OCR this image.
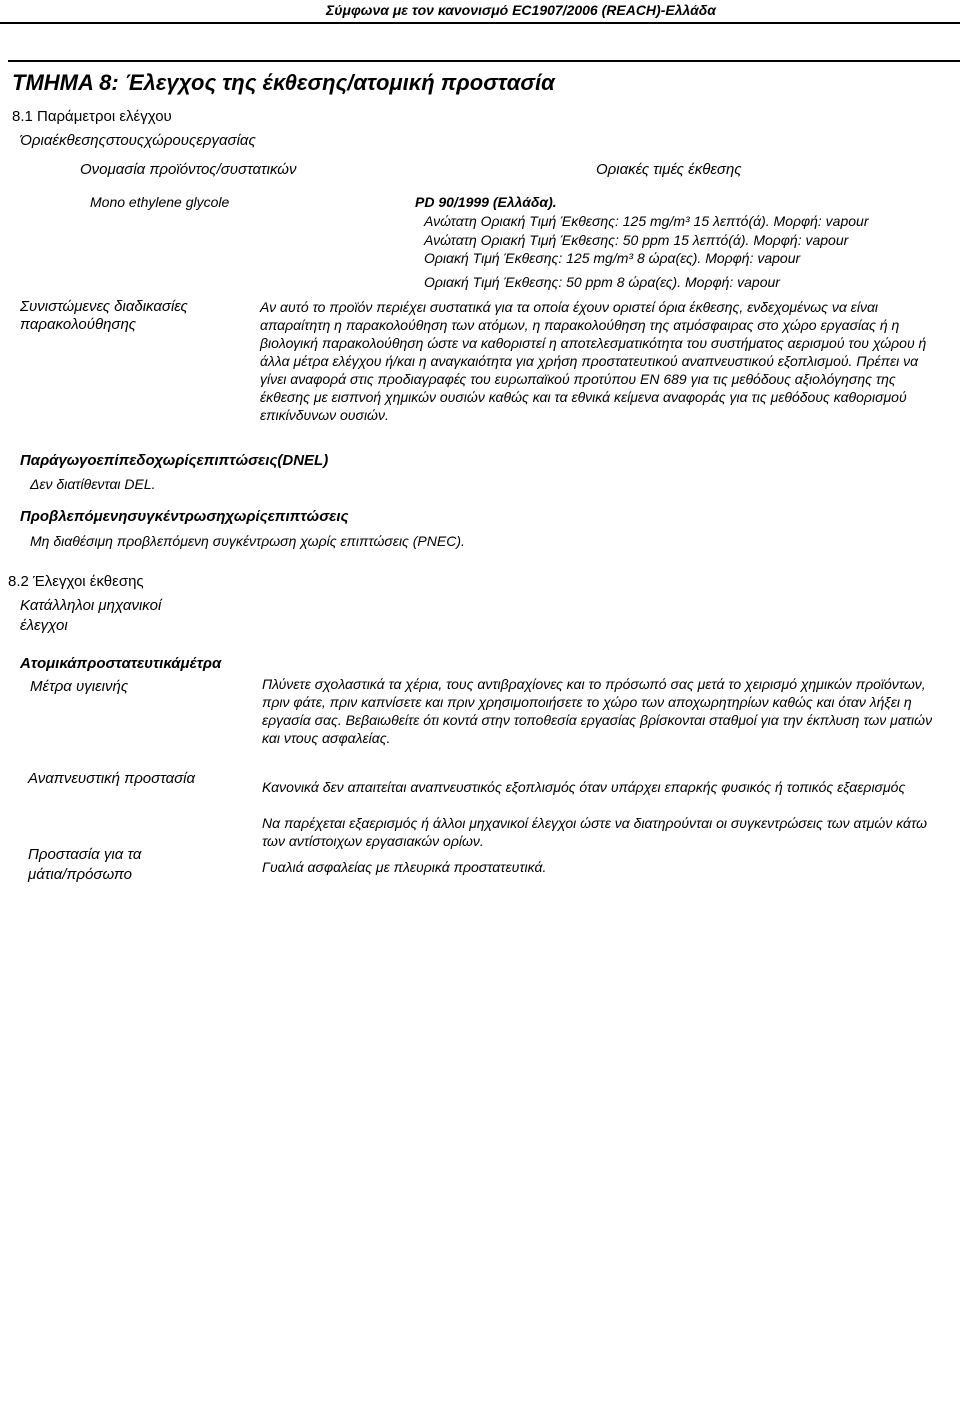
Σύμφωνα με τον κανονισμό EC1907/2006 (REACH)-Ελλάδα
ΤΜΗΜΑ 8: Έλεγχος της έκθεσης/ατομική προστασία
8.1 Παράμετροι ελέγχου
Όριαέκθεσηςστουςχώρουςεργασίας
Ονομασία προϊόντος/συστατικών	Οριακές τιμές έκθεσης
Mono ethylene glycole	PD 90/1999 (Ελλάδα).
Ανώτατη Οριακή Τιμή Έκθεσης: 125 mg/m³ 15 λεπτό(ά). Μορφή: vapour
Ανώτατη Οριακή Τιμή Έκθεσης: 50 ppm 15 λεπτό(ά). Μορφή: vapour
Οριακή Τιμή Έκθεσης: 125 mg/m³ 8 ώρα(ες). Μορφή: vapour
Οριακή Τιμή Έκθεσης: 50 ppm 8 ώρα(ες). Μορφή: vapour
Συνιστώμενες διαδικασίες παρακολούθησης
Αν αυτό το προϊόν περιέχει συστατικά για τα οποία έχουν οριστεί όρια έκθεσης, ενδεχομένως να είναι απαραίτητη η παρακολούθηση των ατόμων, η παρακολούθηση της ατμόσφαιρας στο χώρο εργασίας ή η βιολογική παρακολούθηση ώστε να καθοριστεί η αποτελεσματικότητα του συστήματος αερισμού του χώρου ή άλλα μέτρα ελέγχου ή/και η αναγκαιότητα για χρήση προστατευτικού αναπνευστικού εξοπλισμού. Πρέπει να γίνει αναφορά στις προδιαγραφές του ευρωπαϊκού προτύπου EN 689 για τις μεθόδους αξιολόγησης της έκθεσης με εισπνοή χημικών ουσιών καθώς και τα εθνικά κείμενα αναφοράς για τις μεθόδους καθορισμού επικίνδυνων ουσιών.
Παράγωγοεπίπεδοχωρίςεπιπτώσεις(DNEL)
Δεν διατίθενται DEL.
Προβλεπόμενησυγκέντρωσηχωρίςεπιπτώσεις
Μη διαθέσιμη προβλεπόμενη συγκέντρωση χωρίς επιπτώσεις (PNEC).
8.2 Έλεγχοι έκθεσης
Κατάλληλοι μηχανικοί έλεγχοι
Ατομικάπροστατευτικάμέτρα
Μέτρα υγιεινής	Πλύνετε σχολαστικά τα χέρια, τους αντιβραχίονες και το πρόσωπό σας μετά το χειρισμό χημικών προϊόντων, πριν φάτε, πριν καπνίσετε και πριν χρησιμοποιήσετε το χώρο των αποχωρητηρίων καθώς και όταν λήξει η εργασία σας. Βεβαιωθείτε ότι κοντά στην τοποθεσία εργασίας βρίσκονται σταθμοί για την έκπλυση των ματιών και ντους ασφαλείας.
Αναπνευστική προστασία	Κανονικά δεν απαιτείται αναπνευστικός εξοπλισμός όταν υπάρχει επαρκής φυσικός ή τοπικός εξαερισμός
Να παρέχεται εξαερισμός ή άλλοι μηχανικοί έλεγχοι ώστε να διατηρούνται οι συγκεντρώσεις των ατμών κάτω των αντίστοιχων εργασιακών ορίων.
Προστασία για τα μάτια/πρόσωπο	Γυαλιά ασφαλείας με πλευρικά προστατευτικά.
